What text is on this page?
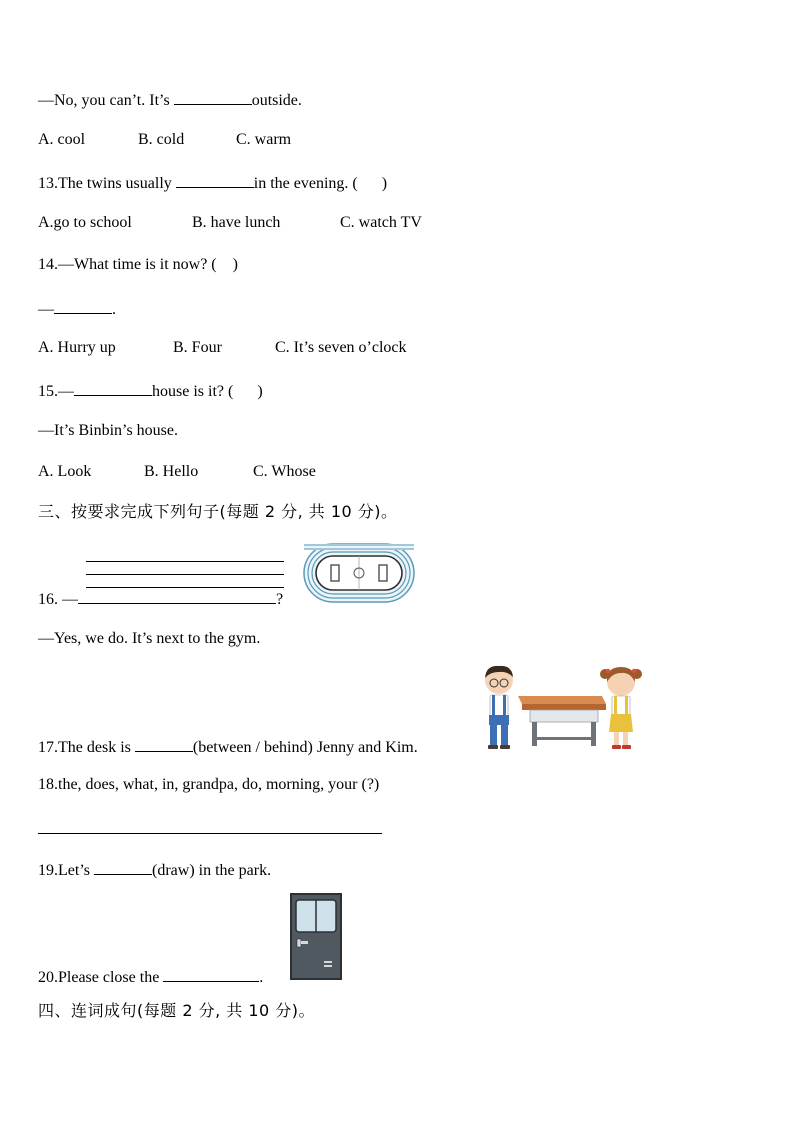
—No, you can’t. It’s	outside.
A. cool	B. cold	C. warm
13.The twins usually	in the evening. (      )
A.go to school	B. have lunch	C. watch TV
14.—What time is it now? (    )
—	.
A. Hurry up	B. Four	C. It’s seven o’clock
15.—	house is it? (      )
—It’s Binbin’s house.
A. Look	B. Hello	C. Whose
三、按要求完成下列句子(每题 2 分, 共 10 分)。
16. —	?
—Yes, we do. It’s next to the gym.
17.The desk is	(between / behind) Jenny and Kim.
18.the, does, what, in, grandpa, do, morning, your (?)
19.Let’s	(draw) in the park.
20.Please close the	.
四、连词成句(每题 2 分, 共 10 分)。
